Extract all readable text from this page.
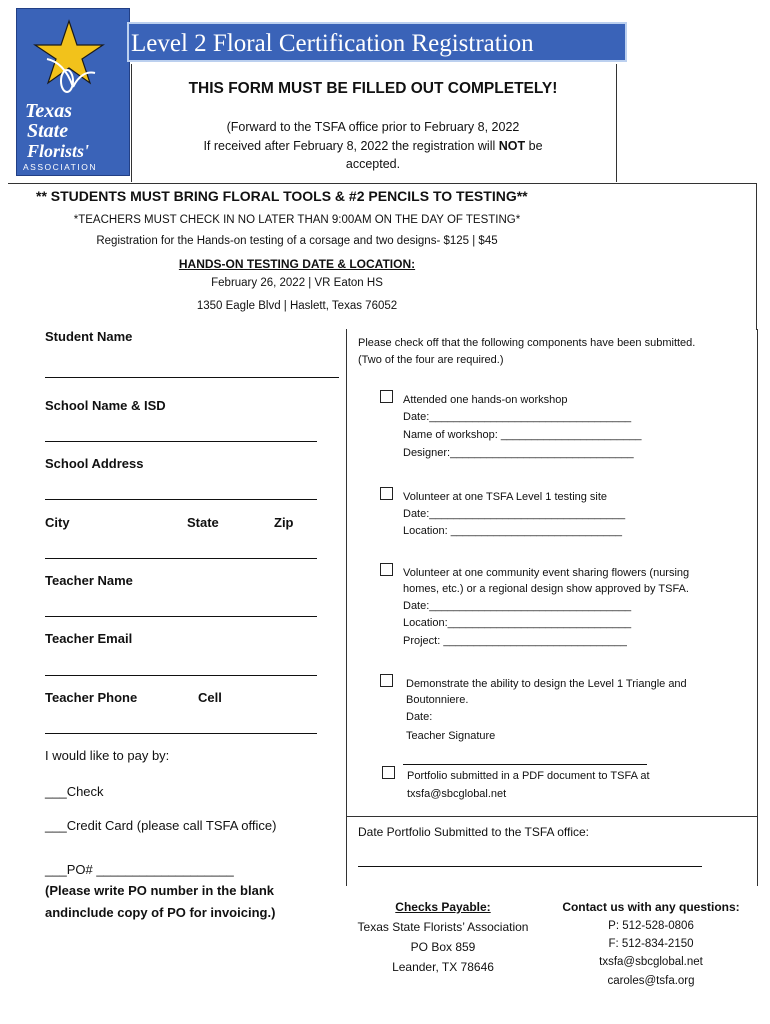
Texas
State
Florists'
ASSOCIATION
Level 2 Floral Certification Registration
THIS FORM MUST BE FILLED OUT COMPLETELY!
(Forward to the TSFA office prior to February 8, 2022
If received after February 8, 2022 the registration will NOT be
accepted.
** STUDENTS MUST BRING FLORAL TOOLS & #2 PENCILS TO TESTING**
*TEACHERS MUST CHECK IN NO LATER THAN 9:00AM ON THE DAY OF TESTING*
Registration for the Hands-on testing of a corsage and two designs- $125 | $45
HANDS-ON TESTING DATE & LOCATION:
February 26, 2022 | VR Eaton HS
1350 Eagle Blvd | Haslett, Texas 76052
Student Name
School Name & ISD
School Address
City	State	Zip
Teacher Name
Teacher Email
Teacher Phone	Cell
I would like to pay by:
___Check
___Credit Card (please call TSFA office)
___PO# ___________________
(Please write PO number in the blank
andinclude copy of PO for invoicing.)
Please check off that the following components have been submitted.
(Two of the four are required.)
Attended one hands-on workshop
Date:_________________________________
Name of workshop: _______________________
Designer:______________________________
Volunteer at one TSFA Level 1 testing site
Date:________________________________
Location: ____________________________
Volunteer at one community event sharing flowers (nursing
homes, etc.) or a regional design show approved by TSFA.
Date:_________________________________
Location:______________________________
Project: ______________________________
Demonstrate the ability to design the Level 1 Triangle and
Boutonniere.
Date:
Teacher Signature
Portfolio submitted in a PDF document to TSFA at
txsfa@sbcglobal.net
Date Portfolio Submitted to the TSFA office:
Checks Payable:
Texas State Florists’ Association
PO Box 859
Leander, TX 78646
Contact us with any questions:
P: 512-528-0806
F: 512-834-2150
txsfa@sbcglobal.net
caroles@tsfa.org
